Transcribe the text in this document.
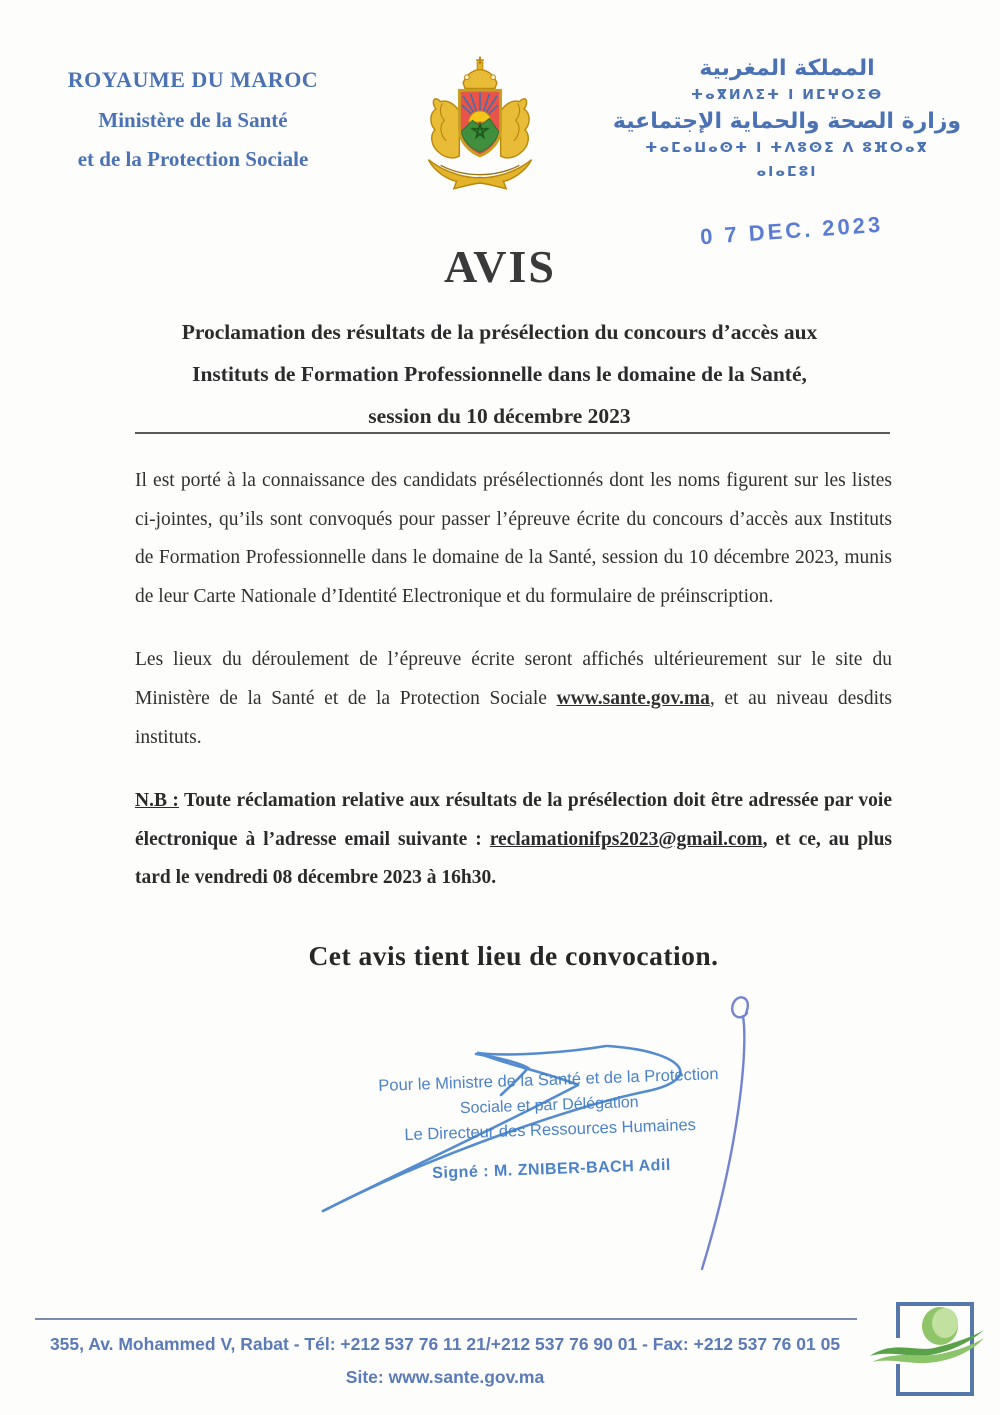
ROYAUME DU MAROC
Ministère de la Santé
et de la Protection Sociale
المملكة المغربية
ⵜⴰⴳⵍⴷⵉⵜ ⵏ ⵍⵎⵖⵔⵉⴱ
وزارة الصحة والحماية الإجتماعية
ⵜⴰⵎⴰⵡⴰⵙⵜ ⵏ ⵜⴷⵓⵙⵉ ⴷ ⵓⴼⵔⴰⴳ ⴰⵏⴰⵎⵓⵏ
0 7 DEC. 2023
AVIS
Proclamation des résultats de la présélection du concours d’accès aux
Instituts de Formation Professionnelle dans le domaine de la Santé,
session du 10 décembre 2023

Il est porté à la connaissance des candidats présélectionnés dont les noms figurent sur les listes ci-jointes, qu’ils sont convoqués pour passer l’épreuve écrite du concours d’accès aux Instituts de Formation Professionnelle dans le domaine de la Santé, session du 10 décembre 2023, munis de leur Carte Nationale d’Identité Electronique et du formulaire de préinscription.

Les lieux du déroulement de l’épreuve écrite seront affichés ultérieurement sur le site du Ministère de la Santé et de la Protection Sociale www.sante.gov.ma, et au niveau desdits instituts.

N.B : Toute réclamation relative aux résultats de la présélection doit être adressée par voie électronique à l’adresse email suivante : reclamationifps2023@gmail.com, et ce, au plus tard le vendredi 08 décembre 2023 à 16h30.

Cet avis tient lieu de convocation.
Pour le Ministre de la Santé et de la Protection
Sociale et par Délégation
Le Directeur des Ressources Humaines
Signé : M. ZNIBER-BACH Adil
355, Av. Mohammed V, Rabat - Tél: +212 537 76 11 21/+212 537 76 90 01 - Fax: +212 537 76 01 05
Site: www.sante.gov.ma
